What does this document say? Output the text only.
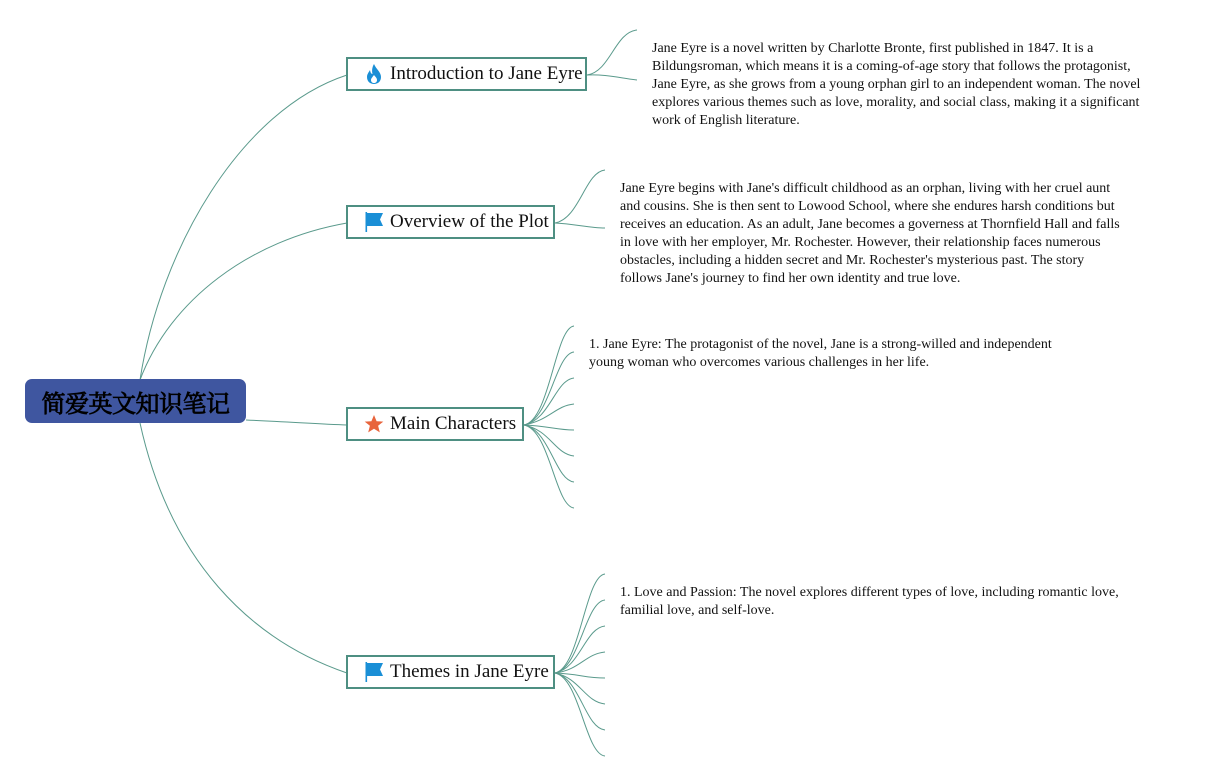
简爱英文知识笔记
Introduction to Jane Eyre
Jane Eyre is a novel written by Charlotte Bronte, first published in 1847. It is a Bildungsroman, which means it is a coming-of-age story that follows the protagonist, Jane Eyre, as she grows from a young orphan girl to an independent woman. The novel explores various themes such as love, morality, and social class, making it a significant work of English literature.
Overview of the Plot
Jane Eyre begins with Jane's difficult childhood as an orphan, living with her cruel aunt and cousins. She is then sent to Lowood School, where she endures harsh conditions but receives an education. As an adult, Jane becomes a governess at Thornfield Hall and falls in love with her employer, Mr. Rochester. However, their relationship faces numerous obstacles, including a hidden secret and Mr. Rochester's mysterious past. The story follows Jane's journey to find her own identity and true love.
Main Characters
1. Jane Eyre: The protagonist of the novel, Jane is a strong-willed and independent young woman who overcomes various challenges in her life.
Themes in Jane Eyre
1. Love and Passion: The novel explores different types of love, including romantic love, familial love, and self-love.
